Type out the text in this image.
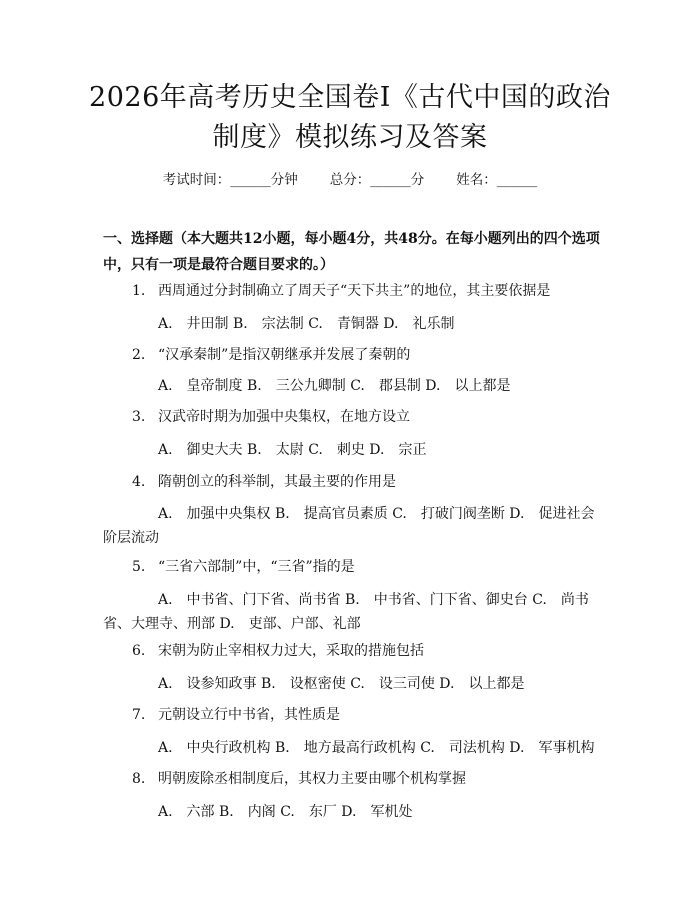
2026年高考历史全国卷Ⅰ《古代中国的政治
制度》模拟练习及答案
考试时间：______分钟 总分：______分 姓名：______
一、选择题（本大题共12小题，每小题4分，共48分。在每小题列出的四个选项中，只有一项是最符合题目要求的。）
1. 西周通过分封制确立了周天子“天下共主”的地位，其主要依据是
A.　井田制 B.　宗法制 C.　青铜器 D.　礼乐制
2. “汉承秦制”是指汉朝继承并发展了秦朝的
A.　皇帝制度 B.　三公九卿制 C.　郡县制 D.　以上都是
3. 汉武帝时期为加强中央集权，在地方设立
A.　御史大夫 B.　太尉 C.　刺史 D.　宗正
4. 隋朝创立的科举制，其最主要的作用是
A.　加强中央集权 B.　提高官员素质 C.　打破门阀垄断 D.　促进社会阶层流动
5. “三省六部制”中，“三省”指的是
A.　中书省、门下省、尚书省 B.　中书省、门下省、御史台 C.　尚书省、大理寺、刑部 D.　吏部、户部、礼部
6. 宋朝为防止宰相权力过大，采取的措施包括
A.　设参知政事 B.　设枢密使 C.　设三司使 D.　以上都是
7. 元朝设立行中书省，其性质是
A.　中央行政机构 B.　地方最高行政机构 C.　司法机构 D.　军事机构
8. 明朝废除丞相制度后，其权力主要由哪个机构掌握
A.　六部 B.　内阁 C.　东厂 D.　军机处
